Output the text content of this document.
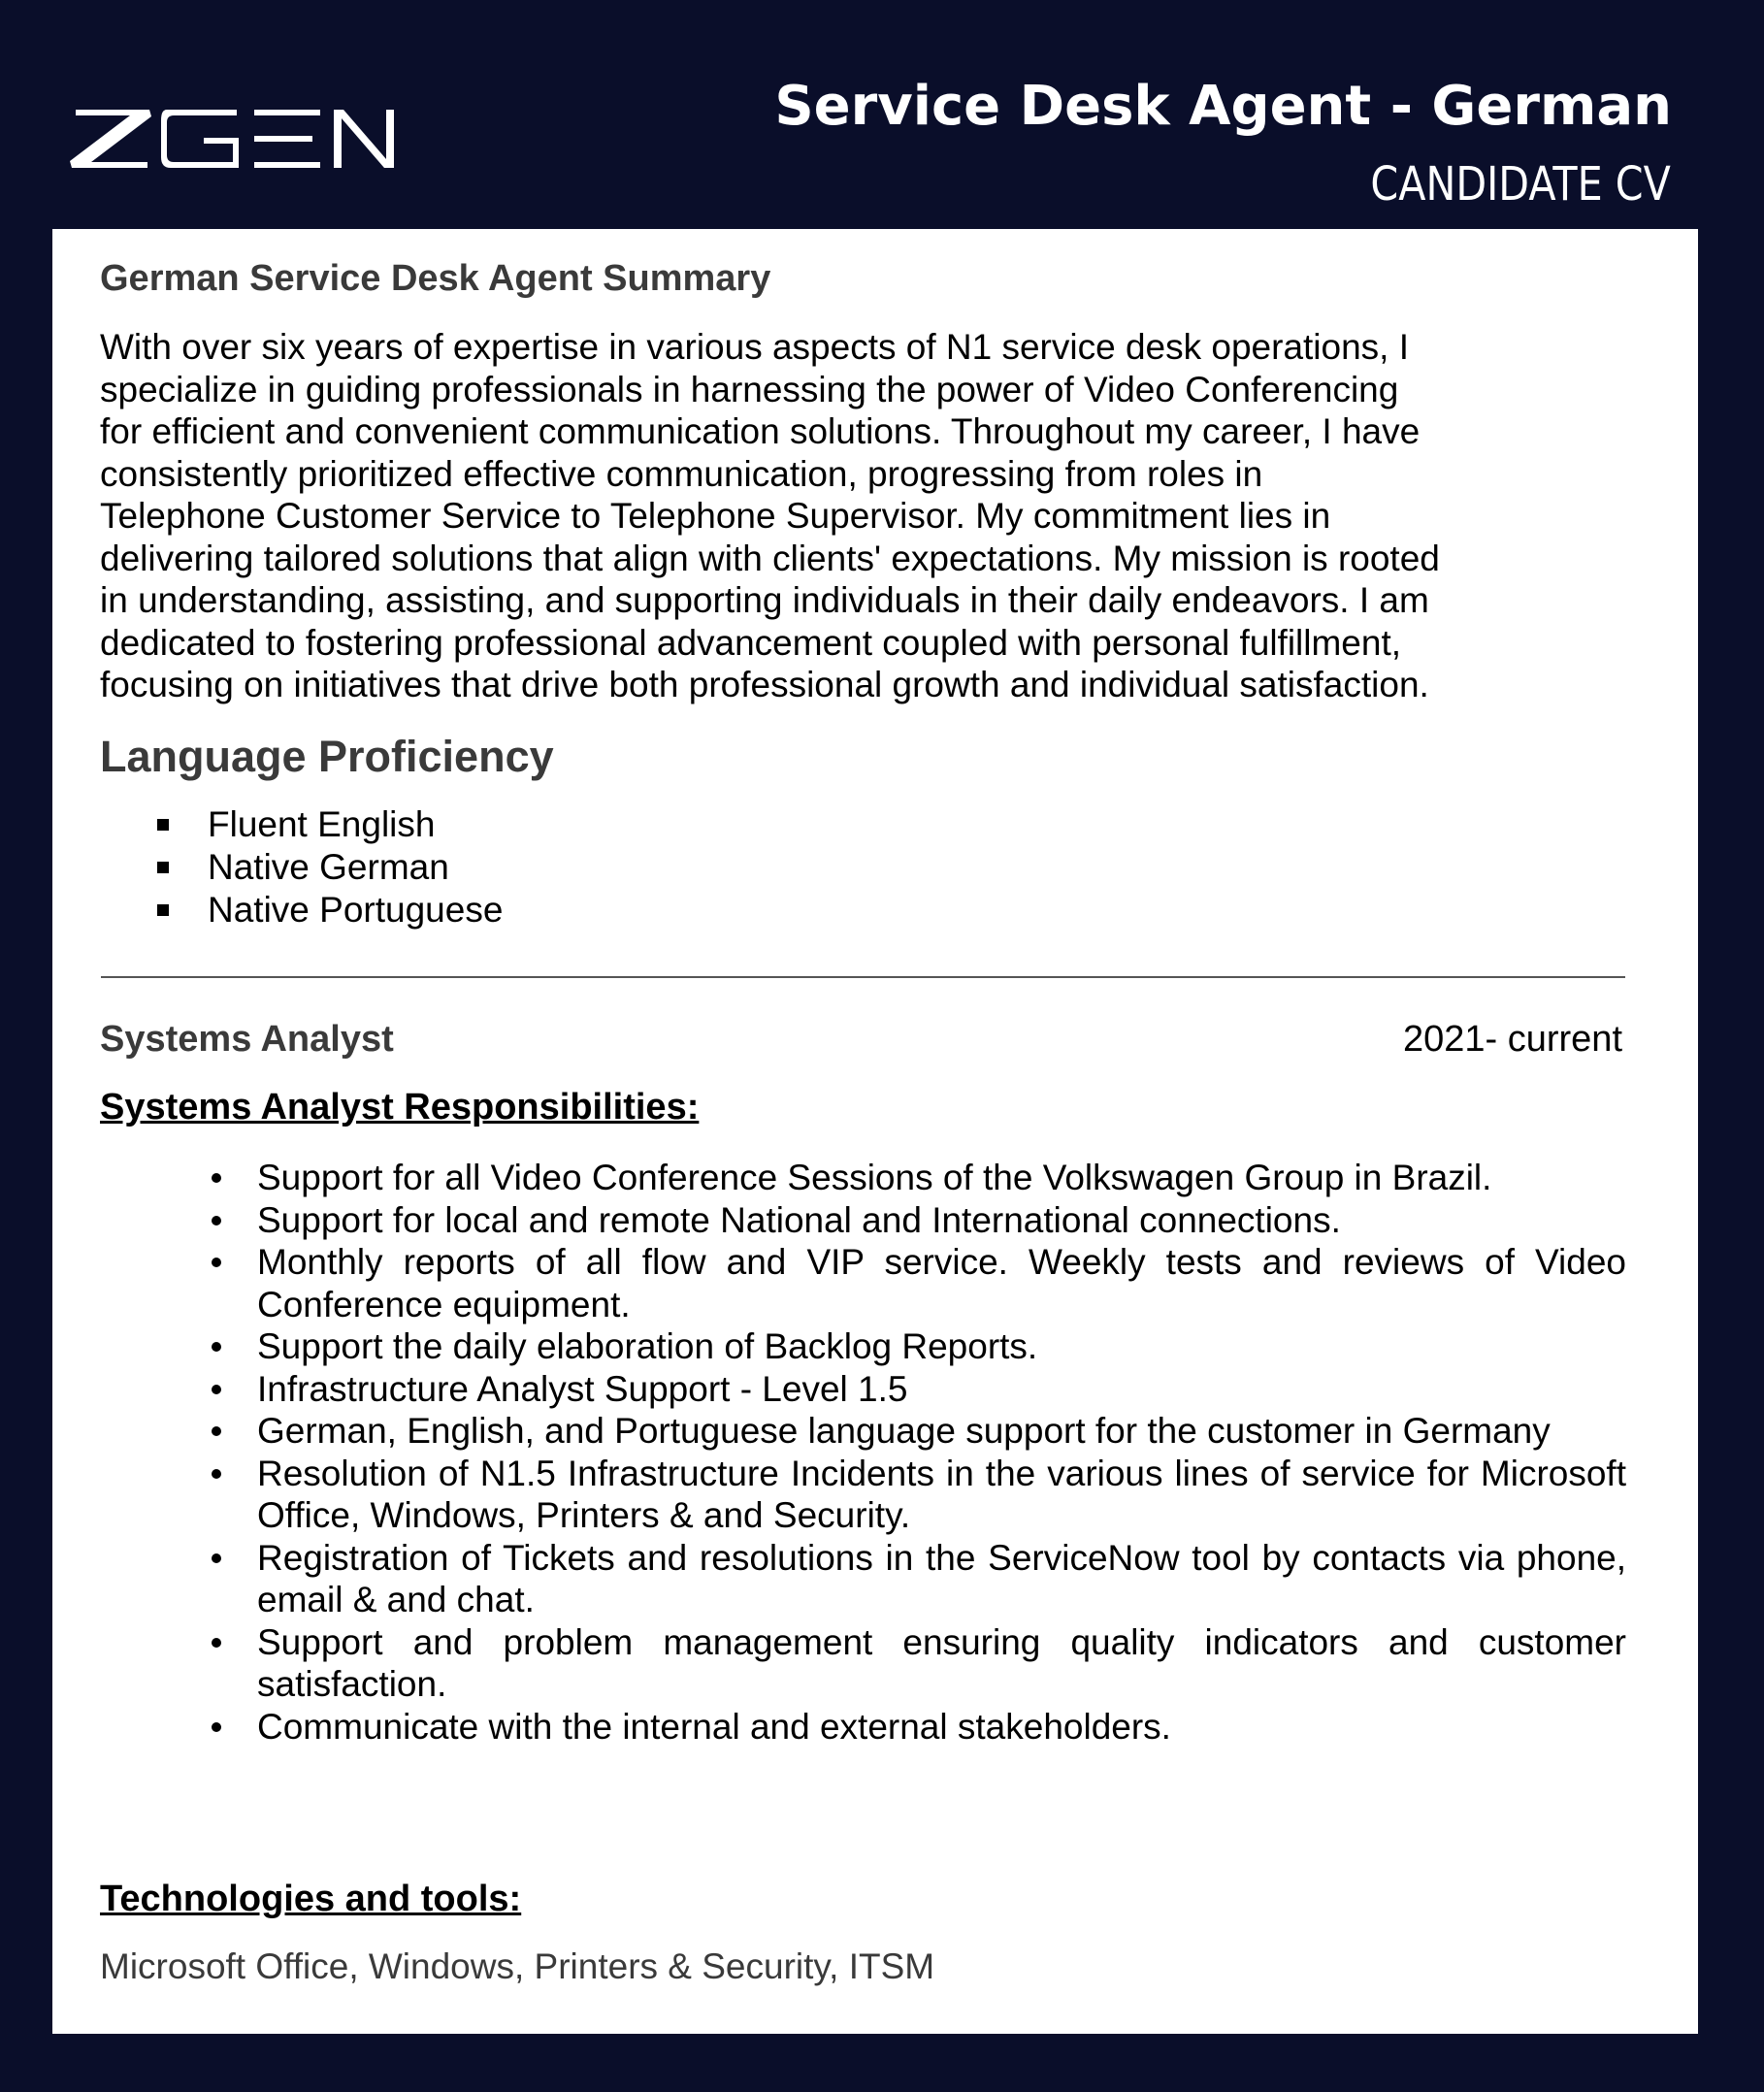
Service Desk Agent - German
CANDIDATE CV
German Service Desk Agent Summary
With over six years of expertise in various aspects of N1 service desk operations, I
specialize in guiding professionals in harnessing the power of Video Conferencing
for efficient and convenient communication solutions. Throughout my career, I have
consistently prioritized effective communication, progressing from roles in
Telephone Customer Service to Telephone Supervisor. My commitment lies in
delivering tailored solutions that align with clients' expectations. My mission is rooted
in understanding, assisting, and supporting individuals in their daily endeavors. I am
dedicated to fostering professional advancement coupled with personal fulfillment,
focusing on initiatives that drive both professional growth and individual satisfaction.
Language Proficiency
Fluent English
Native German
Native Portuguese
Systems Analyst	2021- current
Systems Analyst Responsibilities:
Support for all Video Conference Sessions of the Volkswagen Group in Brazil.
Support for local and remote National and International connections.
Monthly reports of all flow and VIP service. Weekly tests and reviews of Video Conference equipment.
Support the daily elaboration of Backlog Reports.
Infrastructure Analyst Support - Level 1.5
German, English, and Portuguese language support for the customer in Germany
Resolution of N1.5 Infrastructure Incidents in the various lines of service for Microsoft Office, Windows, Printers & and Security.
Registration of Tickets and resolutions in the ServiceNow tool by contacts via phone, email & and chat.
Support and problem management ensuring quality indicators and customer satisfaction.
Communicate with the internal and external stakeholders.
Technologies and tools:
Microsoft Office, Windows, Printers & Security, ITSM
